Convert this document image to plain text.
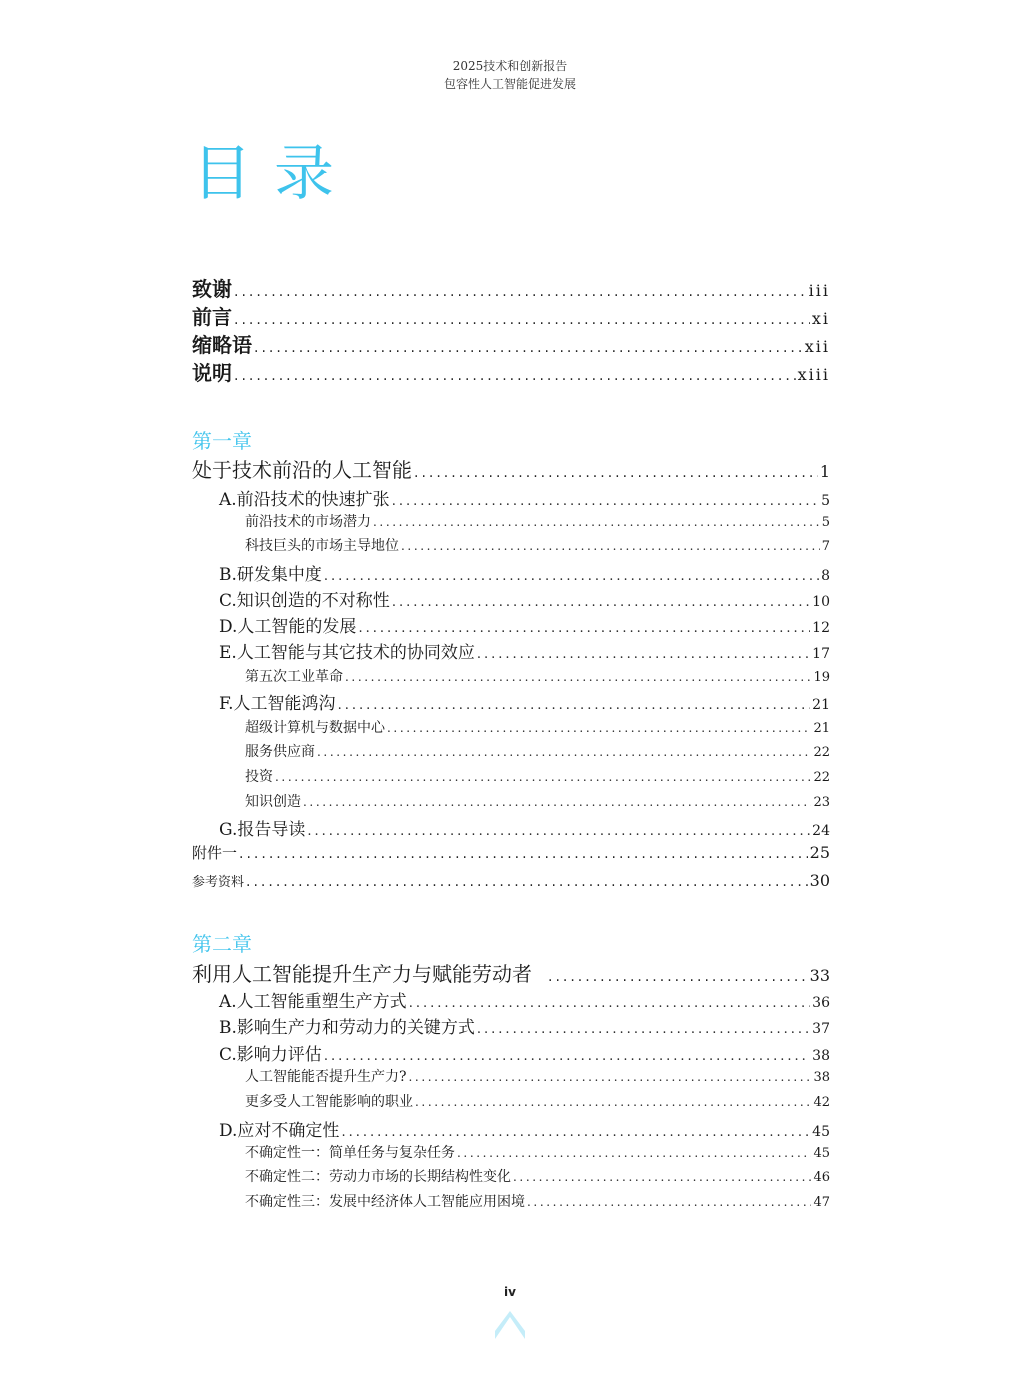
2025技术和创新报告
包容性人工智能促进发展
目录
致谢 .....	iii
前言 .....	xi
缩略语 .....	xii
说明 .....	xiii
第一章
处于技术前沿的人工智能 .....	1
A.前沿技术的快速扩张 .....	5
前沿技术的市场潜力 .....	5
科技巨头的市场主导地位 .....	7
B.研发集中度 .....	8
C.知识创造的不对称性 .....	10
D.人工智能的发展 .....	12
E.人工智能与其它技术的协同效应 .....	17
第五次工业革命 .....	19
F.人工智能鸿沟 .....	21
超级计算机与数据中心 .....	21
服务供应商 .....	22
投资 .....	22
知识创造 .....	23
G.报告导读 .....	24
附件一 .....	25
参考资料 .....	30
第二章
利用人工智能提升生产力与赋能劳动者 .....	33
A.人工智能重塑生产方式 .....	36
B.影响生产力和劳动力的关键方式 .....	37
C.影响力评估 .....	38
人工智能能否提升生产力? .....	38
更多受人工智能影响的职业 .....	42
D.应对不确定性 .....	45
不确定性一：简单任务与复杂任务 .....	45
不确定性二：劳动力市场的长期结构性变化 .....	46
不确定性三：发展中经济体人工智能应用困境 .....	47
iv
